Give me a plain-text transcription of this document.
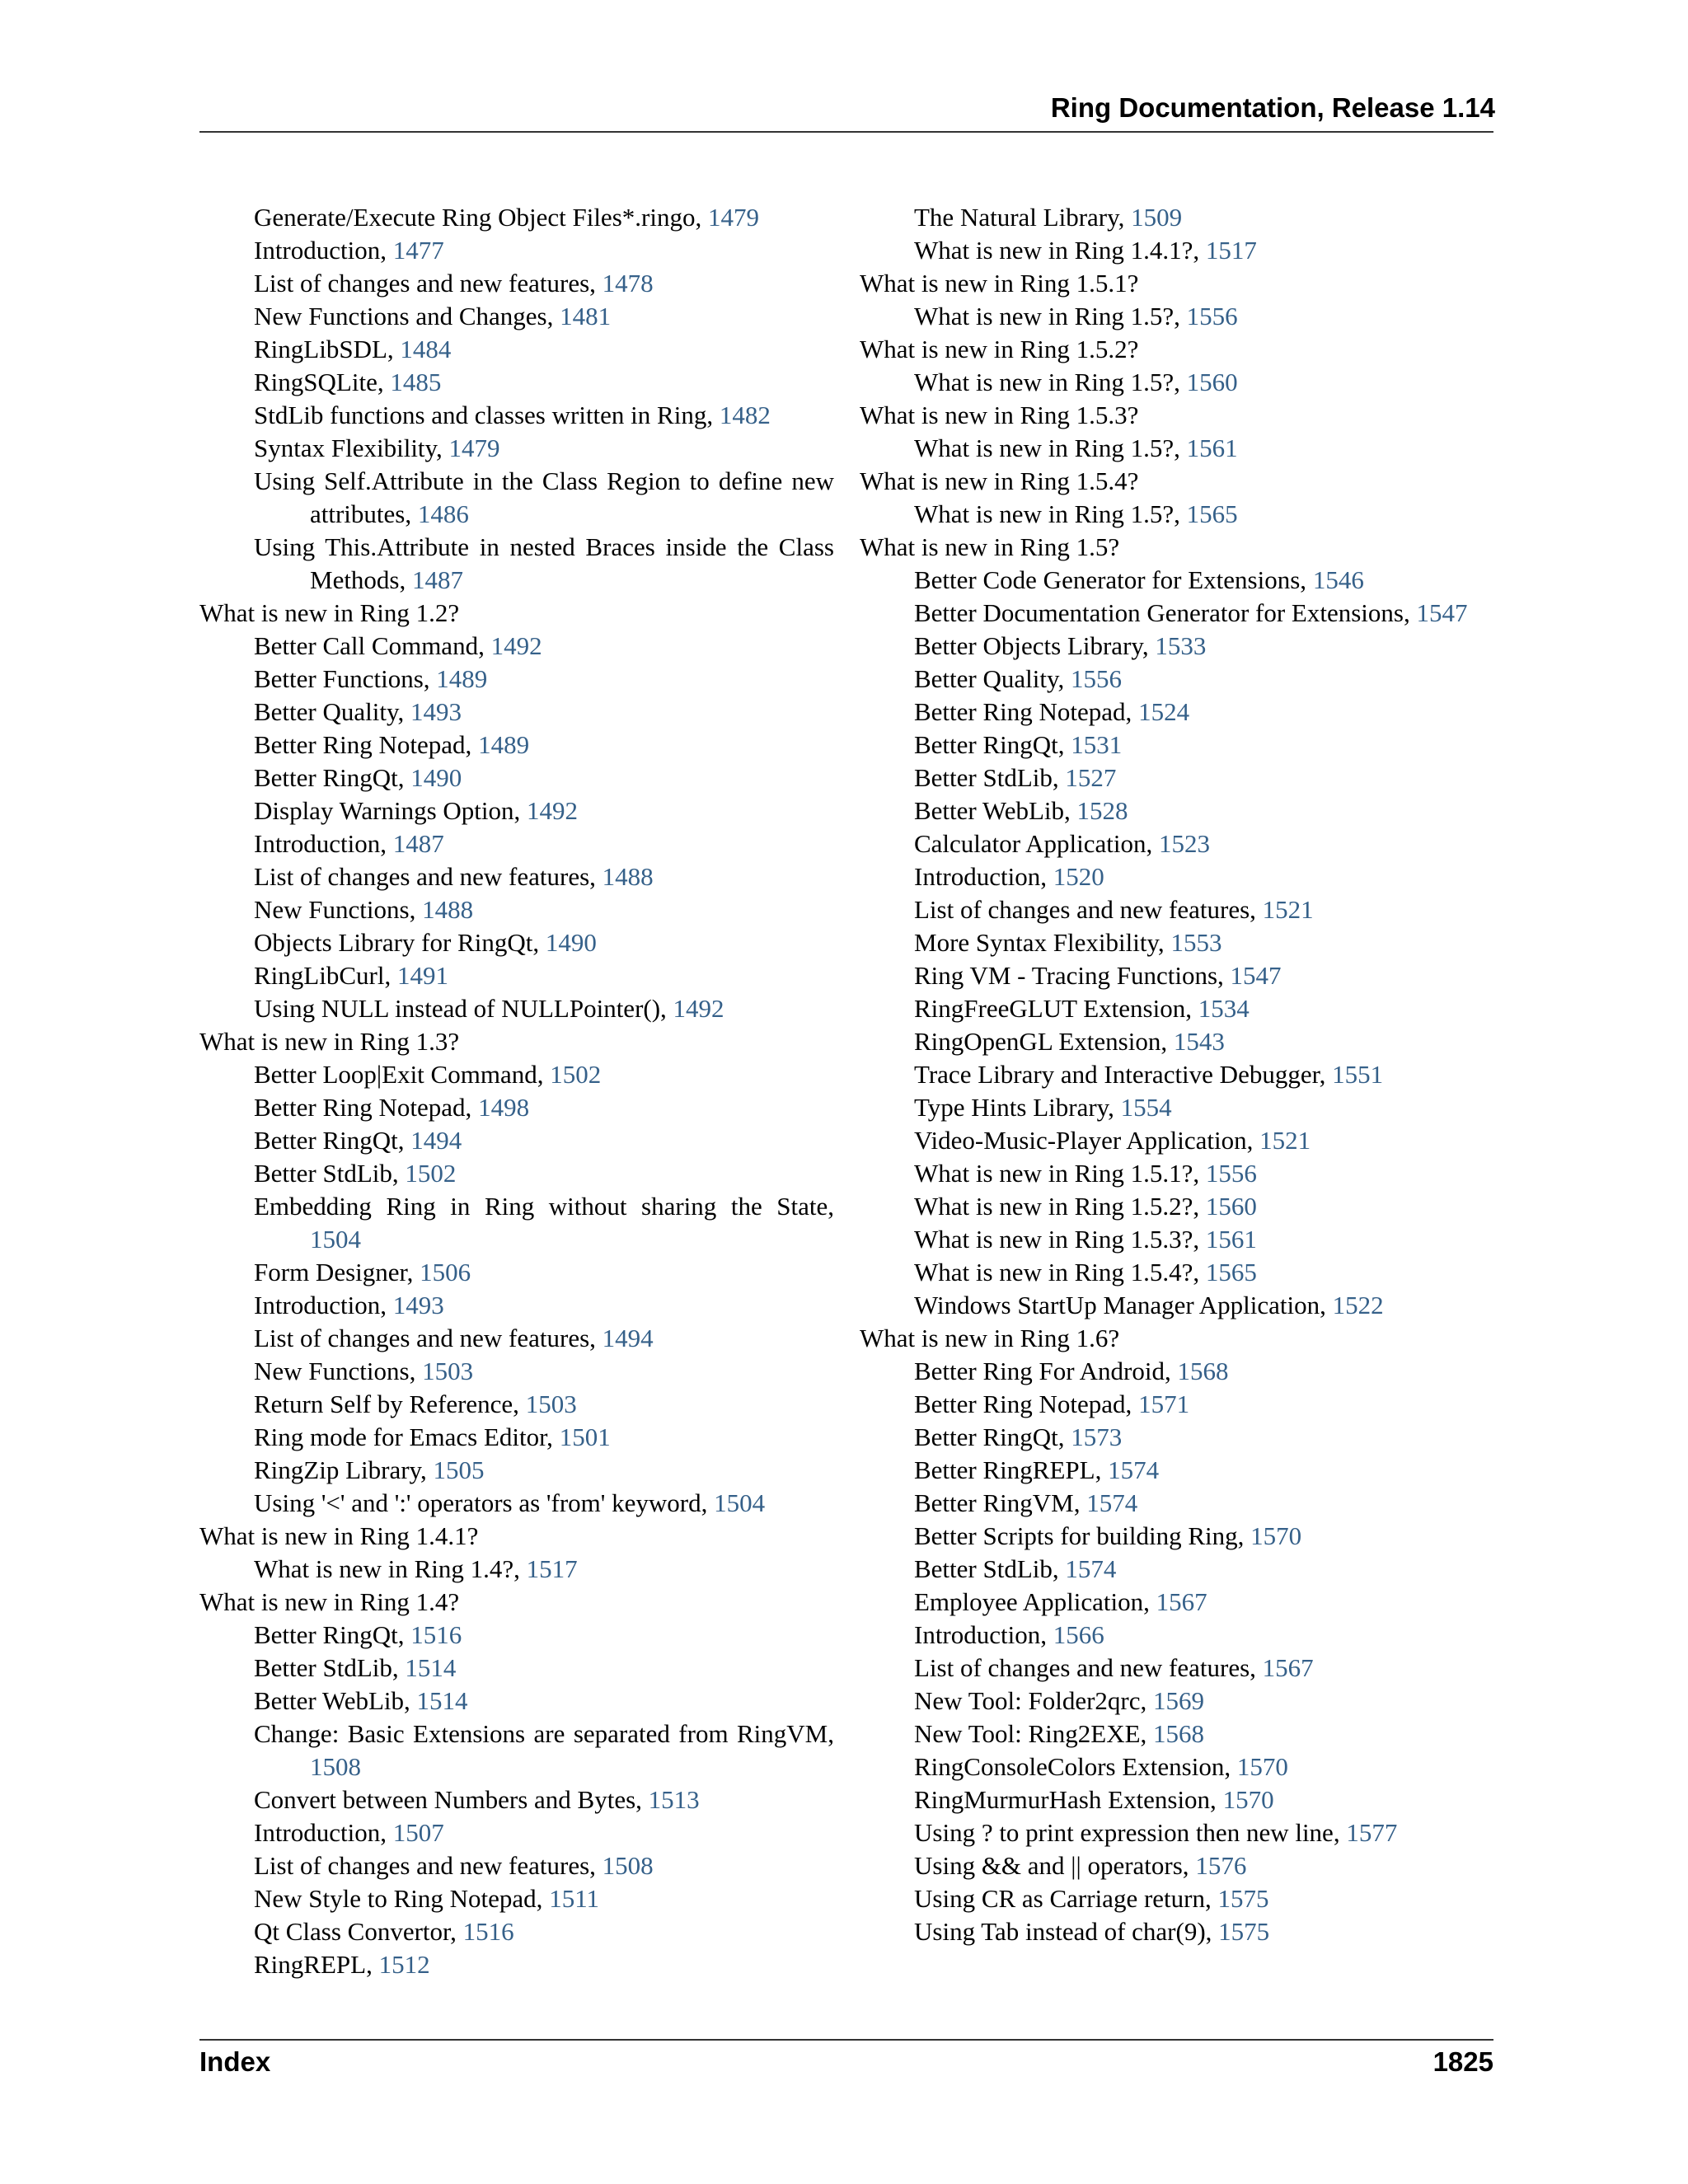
Ring Documentation, Release 1.14

Generate/Execute Ring Object Files*.ringo, 1479

Introduction, 1477

List of changes and new features, 1478

New Functions and Changes, 1481

RingLibSDL, 1484

RingSQLite, 1485

StdLib functions and classes written in Ring, 1482

Syntax Flexibility, 1479

Using Self.Attribute in the Class Region to define new attributes, 1486

Using This.Attribute in nested Braces inside the Class Methods, 1487

What is new in Ring 1.2?

Better Call Command, 1492

Better Functions, 1489

Better Quality, 1493

Better Ring Notepad, 1489

Better RingQt, 1490

Display Warnings Option, 1492

Introduction, 1487

List of changes and new features, 1488

New Functions, 1488

Objects Library for RingQt, 1490

RingLibCurl, 1491

Using NULL instead of NULLPointer(), 1492

What is new in Ring 1.3?

Better Loop|Exit Command, 1502

Better Ring Notepad, 1498

Better RingQt, 1494

Better StdLib, 1502

Embedding Ring in Ring without sharing the State, 1504

Form Designer, 1506

Introduction, 1493

List of changes and new features, 1494

New Functions, 1503

Return Self by Reference, 1503

Ring mode for Emacs Editor, 1501

RingZip Library, 1505

Using '<' and ':' operators as 'from' keyword, 1504

What is new in Ring 1.4.1?

What is new in Ring 1.4?, 1517

What is new in Ring 1.4?

Better RingQt, 1516

Better StdLib, 1514

Better WebLib, 1514

Change: Basic Extensions are separated from RingVM, 1508

Convert between Numbers and Bytes, 1513

Introduction, 1507

List of changes and new features, 1508

New Style to Ring Notepad, 1511

Qt Class Convertor, 1516

RingREPL, 1512

The Natural Library, 1509

What is new in Ring 1.4.1?, 1517

What is new in Ring 1.5.1?

What is new in Ring 1.5?, 1556

What is new in Ring 1.5.2?

What is new in Ring 1.5?, 1560

What is new in Ring 1.5.3?

What is new in Ring 1.5?, 1561

What is new in Ring 1.5.4?

What is new in Ring 1.5?, 1565

What is new in Ring 1.5?

Better Code Generator for Extensions, 1546

Better Documentation Generator for Extensions, 1547

Better Objects Library, 1533

Better Quality, 1556

Better Ring Notepad, 1524

Better RingQt, 1531

Better StdLib, 1527

Better WebLib, 1528

Calculator Application, 1523

Introduction, 1520

List of changes and new features, 1521

More Syntax Flexibility, 1553

Ring VM - Tracing Functions, 1547

RingFreeGLUT Extension, 1534

RingOpenGL Extension, 1543

Trace Library and Interactive Debugger, 1551

Type Hints Library, 1554

Video-Music-Player Application, 1521

What is new in Ring 1.5.1?, 1556

What is new in Ring 1.5.2?, 1560

What is new in Ring 1.5.3?, 1561

What is new in Ring 1.5.4?, 1565

Windows StartUp Manager Application, 1522

What is new in Ring 1.6?

Better Ring For Android, 1568

Better Ring Notepad, 1571

Better RingQt, 1573

Better RingREPL, 1574

Better RingVM, 1574

Better Scripts for building Ring, 1570

Better StdLib, 1574

Employee Application, 1567

Introduction, 1566

List of changes and new features, 1567

New Tool: Folder2qrc, 1569

New Tool: Ring2EXE, 1568

RingConsoleColors Extension, 1570

RingMurmurHash Extension, 1570

Using ? to print expression then new line, 1577

Using && and || operators, 1576

Using CR as Carriage return, 1575

Using Tab instead of char(9), 1575

Index	1825
